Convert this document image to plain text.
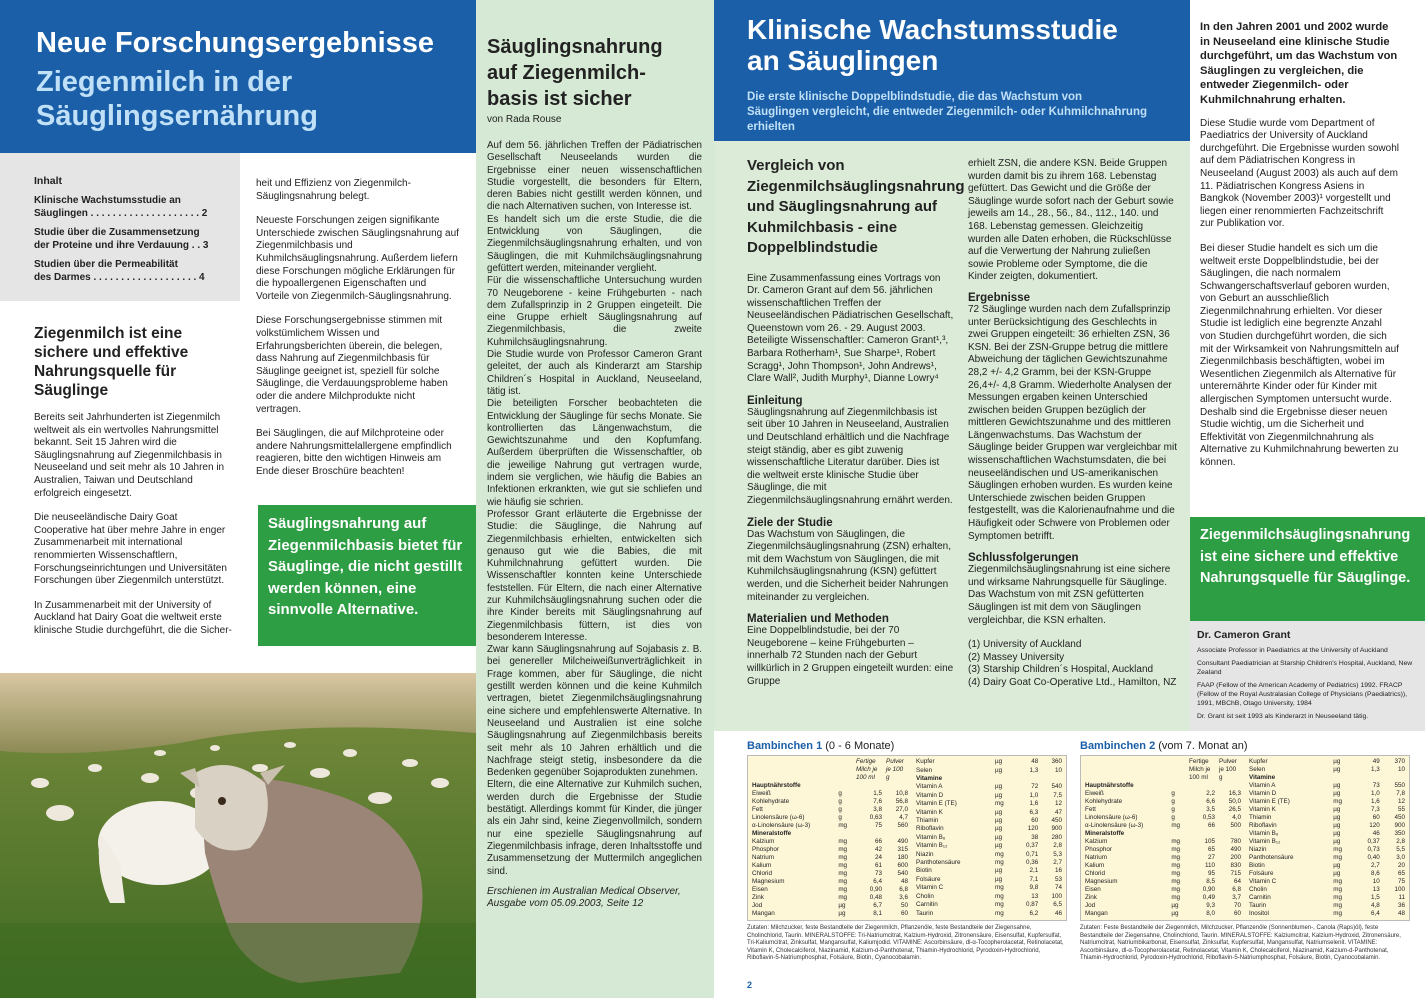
Neue Forschungsergebnisse
Ziegenmilch in der
Säuglingsernährung
Inhalt
Klinische Wachstumsstudie an
Säuglingen . . . . . . . . . . . . . . . . . . . . 2
Studie über die Zusammensetzung
der Proteine und ihre Verdauung . . 3
Studien über die Permeabilität
des Darmes . . . . . . . . . . . . . . . . . . . 4
Ziegenmilch ist eine sichere und effektive Nahrungsquelle für Säuglinge

Bereits seit Jahrhunderten ist Ziegenmilch weltweit als ein wertvolles Nahrungsmittel bekannt. Seit 15 Jahren wird die Säuglingsnahrung auf Ziegenmilchbasis in Neuseeland und seit mehr als 10 Jahren in Australien, Taiwan und Deutschland erfolgreich eingesetzt.

Die neuseeländische Dairy Goat Cooperative hat über mehre Jahre in enger Zusammenarbeit mit international renommierten Wissenschaftlern, Forschungseinrichtungen und Universitäten Forschungen über Ziegenmilch unterstützt.

In Zusammenarbeit mit der University of Auckland hat Dairy Goat die weltweit erste klinische Studie durchgeführt, die die Sicher-

heit und Effizienz von Ziegenmilch-Säuglingsnahrung belegt.

Neueste Forschungen zeigen signifikante Unterschiede zwischen Säuglingsnahrung auf Ziegenmilchbasis und Kuhmilchsäuglingsnahrung. Außerdem liefern diese Forschungen mögliche Erklärungen für die hypoallergenen Eigenschaften und Vorteile von Ziegenmilch-Säuglingsnahrung.

Diese Forschungsergebnisse stimmen mit volkstümlichem Wissen und Erfahrungsberichten überein, die belegen, dass Nahrung auf Ziegenmilchbasis für Säuglinge geeignet ist, speziell für solche Säuglinge, die Verdauungsprobleme haben oder die andere Milchprodukte nicht vertragen.

Bei Säuglingen, die auf Milchproteine oder andere Nahrungsmittelallergene empfindlich reagieren, bitte den wichtigen Hinweis am Ende dieser Broschüre beachten!

Säuglingsnahrung auf Ziegenmilchbasis bietet für Säuglinge, die nicht gestillt werden können, eine sinnvolle Alternative.
Säuglingsnahrung auf Ziegenmilch-basis ist sicher
von Rada Rouse

Auf dem 56. jährlichen Treffen der Pädiatrischen Gesellschaft Neuseelands wurden die Ergebnisse einer neuen wissenschaftlichen Studie vorgestellt, die besonders für Eltern, deren Babies nicht gestillt werden können, und die nach Alternativen suchen, von Interesse ist.

Es handelt sich um die erste Studie, die die Entwicklung von Säuglingen, die Ziegenmilchsäuglingsnahrung erhalten, und von Säuglingen, die mit Kuhmilchsäuglingsnahrung gefüttert werden, miteinander verglieht.

Für die wissenschaftliche Untersuchung wurden 70 Neugeborene - keine Frühgeburten - nach dem Zufallsprinzip in 2 Gruppen eingeteilt. Die eine Gruppe erhielt Säuglingsnahrung auf Ziegenmilchbasis, die zweite Kuhmilchsäuglingsnahrung.

Die Studie wurde von Professor Cameron Grant geleitet, der auch als Kinderarzt am Starship Children´s Hospital in Auckland, Neuseeland, tätig ist.

Die beteiligten Forscher beobachteten die Entwicklung der Säuglinge für sechs Monate. Sie kontrollierten das Längenwachstum, die Gewichtszunahme und den Kopfumfang. Außerdem überprüften die Wissenschaftler, ob die jeweilige Nahrung gut vertragen wurde, indem sie verglichen, wie häufig die Babies an Infektionen erkrankten, wie gut sie schliefen und wie häufig sie schrien.

Professor Grant erläuterte die Ergebnisse der Studie: die Säuglinge, die Nahrung auf Ziegenmilchbasis erhielten, entwickelten sich genauso gut wie die Babies, die mit Kuhmilchnahrung gefüttert wurden. Die Wissenschaftler konnten keine Unterschiede feststellen. Für Eltern, die nach einer Alternative zur Kuhmilchsäuglingsnahrung suchen oder die ihre Kinder bereits mit Säuglingsnahrung auf Ziegenmilchbasis füttern, ist dies von besonderem Interesse.

Zwar kann Säuglingsnahrung auf Sojabasis z. B. bei genereller Milcheiweißunverträglichkeit in Frage kommen, aber für Säuglinge, die nicht gestillt werden können und die keine Kuhmilch vertragen, bietet Ziegenmilchsäuglingsnahrung eine sichere und empfehlenswerte Alternative. In Neuseeland und Australien ist eine solche Säuglingsnahrung auf Ziegenmilchbasis bereits seit mehr als 10 Jahren erhältlich und die Nachfrage steigt stetig, insbesondere da die Bedenken gegenüber Sojaprodukten zunehmen.

Eltern, die eine Alternative zur Kuhmilch suchen, werden durch die Ergebnisse der Studie bestätigt. Allerdings kommt für Kinder, die jünger als ein Jahr sind, keine Ziegenvollmilch, sondern nur eine spezielle Säuglingsnahrung auf Ziegenmilchbasis infrage, deren Inhaltsstoffe und Zusammensetzung der Muttermilch angeglichen sind.

Erschienen im Australian Medical Observer,
Ausgabe vom 05.09.2003, Seite 12
Klinische Wachstumsstudie
an Säuglingen
Die erste klinische Doppelblindstudie, die das Wachstum von Säuglingen vergleicht, die entweder Ziegenmilch- oder Kuhmilchnahrung erhielten
Vergleich von Ziegenmilchsäuglingsnahrung und Säuglingsnahrung auf Kuhmilchbasis - eine Doppelblindstudie

Eine Zusammenfassung eines Vortrags von Dr. Cameron Grant auf dem 56. jährlichen wissenschaftlichen Treffen der Neuseeländischen Pädiatrischen Gesellschaft, Queenstown vom 26. - 29. August 2003.

Beteiligte Wissenschaftler: Cameron Grant¹,³, Barbara Rotherham¹, Sue Sharpe¹, Robert Scragg¹, John Thompson¹, John Andrews¹, Clare Wall², Judith Murphy¹, Dianne Lowry⁴

Einleitung

Säuglingsnahrung auf Ziegenmilchbasis ist seit über 10 Jahren in Neuseeland, Australien und Deutschland erhältlich und die Nachfrage steigt ständig, aber es gibt zuwenig wissenschaftliche Literatur darüber. Dies ist die weltweit erste klinische Studie über Säuglinge, die mit Ziegenmilchsäuglingsnahrung ernährt werden.

Ziele der Studie

Das Wachstum von Säuglingen, die Ziegenmilchsäuglingsnahrung (ZSN) erhalten, mit dem Wachstum von Säuglingen, die mit Kuhmilchsäuglingsnahrung (KSN) gefüttert werden, und die Sicherheit beider Nahrungen miteinander zu vergleichen.

Materialien und Methoden

Eine Doppelblindstudie, bei der 70 Neugeborene – keine Frühgeburten – innerhalb 72 Stunden nach der Geburt willkürlich in 2 Gruppen eingeteilt wurden: eine Gruppe

erhielt ZSN, die andere KSN. Beide Gruppen wurden damit bis zu ihrem 168. Lebenstag gefüttert. Das Gewicht und die Größe der Säuglinge wurde sofort nach der Geburt sowie jeweils am 14., 28., 56., 84., 112., 140. und 168. Lebenstag gemessen. Gleichzeitig wurden alle Daten erhoben, die Rückschlüsse auf die Verwertung der Nahrung zuließen sowie Probleme oder Symptome, die die Kinder zeigten, dokumentiert.

Ergebnisse

72 Säuglinge wurden nach dem Zufallsprinzip unter Berücksichtigung des Geschlechts in zwei Gruppen eingeteilt: 36 erhielten ZSN, 36 KSN. Bei der ZSN-Gruppe betrug die mittlere Abweichung der täglichen Gewichtszunahme 28,2 +/- 4,2 Gramm, bei der KSN-Gruppe 26,4+/- 4,8 Gramm. Wiederholte Analysen der Messungen ergaben keinen Unterschied zwischen beiden Gruppen bezüglich der mittleren Gewichtszunahme und des mittleren Längenwachstums. Das Wachstum der Säuglinge beider Gruppen war vergleichbar mit wissenschaftlichen Wachstumsdaten, die bei neuseeländischen und US-amerikanischen Säuglingen erhoben wurden. Es wurden keine Unterschiede zwischen beiden Gruppen festgestellt, was die Kalorienaufnahme und die Häufigkeit oder Schwere von Problemen oder Symptomen betrifft.

Schlussfolgerungen

Ziegenmilchsäuglingsnahrung ist eine sichere und wirksame Nahrungsquelle für Säuglinge. Das Wachstum von mit ZSN gefütterten Säuglingen ist mit dem von Säuglingen vergleichbar, die KSN erhalten.

(1) University of Auckland

(2) Massey University

(3) Starship Children´s Hospital, Auckland

(4) Dairy Goat Co-Operative Ltd., Hamilton, NZ

In den Jahren 2001 und 2002 wurde in Neuseeland eine klinische Studie durchgeführt, um das Wachstum von Säuglingen zu vergleichen, die entweder Ziegenmilch- oder Kuhmilchnahrung erhalten.

Diese Studie wurde vom Department of Paediatrics der University of Auckland durchgeführt. Die Ergebnisse wurden sowohl auf dem Pädiatrischen Kongress in Neuseeland (August 2003) als auch auf dem 11. Pädiatrischen Kongress Asiens in Bangkok (November 2003)¹ vorgestellt und liegen einer renommierten Fachzeitschrift zur Publikation vor.

Bei dieser Studie handelt es sich um die weltweit erste Doppelblindstudie, bei der Säuglingen, die nach normalem Schwangerschaftsverlauf geboren wurden, von Geburt an ausschließlich Ziegenmilchnahrung erhielten. Vor dieser Studie ist lediglich eine begrenzte Anzahl von Studien durchgeführt worden, die sich mit der Wirksamkeit von Nahrungsmitteln auf Ziegenmilchbasis beschäftigten, wobei im Wesentlichen Ziegenmilch als Alternative für unterernährte Kinder oder für Kinder mit allergischen Symptomen untersucht wurde.

Deshalb sind die Ergebnisse dieser neuen Studie wichtig, um die Sicherheit und Effektivität von Ziegenmilchnahrung als Alternative zu Kuhmilchnahrung bewerten zu können.

Ziegenmilchsäuglingsnahrung ist eine sichere und effektive Nahrungsquelle für Säuglinge.
Dr. Cameron Grant
Associate Professor in Paediatrics at the University of Auckland
Consultant Paediatrician at Starship Children's Hospital, Auckland, New Zealand
FAAP (Fellow of the American Academy of Pediatrics) 1992. FRACP (Fellow of the Royal Australasian College of Physicians (Paediatrics)), 1991, MBChB, Otago University, 1984
Dr. Grant ist seit 1993 als Kinderarzt in Neuseeland tätig.
Bambinchen 1 (0 - 6 Monate)
		Fertige Milch je 100 ml	Pulver je 100 g
Hauptnährstoffe			
Eiweiß	g	1,5	10,8
Kohlehydrate	g	7,6	56,8
Fett	g	3,8	27,0
Linolensäure (ω-6)	g	0,63	4,7
α-Linolensäure (ω-3)	mg	75	560
Mineralstoffe			
Kalzium	mg	66	490
Phosphor	mg	42	315
Natrium	mg	24	180
Kalium	mg	61	600
Chlorid	mg	73	540
Magnesium	mg	6,4	48
Eisen	mg	0,90	6,8
Zink	mg	0,48	3,6
Jod	µg	6,7	50
Mangan	µg	8,1	60
Kupfer	µg	48	360
Selen	µg	1,3	10
Vitamine			
Vitamin A	µg	72	540
Vitamin D	µg	1,0	7,5
Vitamin E (TE)	mg	1,6	12
Vitamin K	µg	6,3	47
Thiamin	µg	60	450
Riboflavin	µg	120	900
Vitamin B₆	µg	38	280
Vitamin B₁₂	µg	0,37	2,8
Niazin	mg	0,71	5,3
Panthotensäure	mg	0,36	2,7
Biotin	µg	2,1	16
Folsäure	µg	7,1	53
Vitamin C	mg	9,8	74
Cholin	mg	13	100
Carnitin	mg	0,87	6,5
Taurin	mg	6,2	46
Zutaten: Milchzucker, feste Bestandteile der Ziegenmilch, Pflanzenöle, feste Bestandteile der Ziegensahne, Cholinchlorid, Taurin. MINERALSTOFFE: Tri-Natriumcitrat, Kalzium-Hydroxid, Zitronensäure, Eisensulfat, Kupfersulfat, Tri-Kaliumcitrat, Zinksulfat, Mangansulfat, Kaliumjodid. VITAMINE: Ascorbinsäure, dl-α-Tocopherolacetat, Retinolacetat, Vitamin K, Cholecalciferol, Niazinamid, Kalzium-d-Panthotenat, Thiamin-Hydrochlorid, Pyrodoxin-Hydrochlorid, Riboflavin-5-Natriumphosphat, Folsäure, Biotin, Cyanocobalamin.
2
Bambinchen 2 (vom 7. Monat an)
		Fertige Milch je 100 ml	Pulver je 100 g
Hauptnährstoffe			
Eiweiß	g	2,2	16,3
Kohlehydrate	g	6,6	50,0
Fett	g	3,5	26,5
Linolensäure (ω-6)	g	0,53	4,0
α-Linolensäure (ω-3)	mg	66	500
Mineralstoffe			
Kalzium	mg	105	780
Phosphor	mg	65	490
Natrium	mg	27	200
Kalium	mg	110	830
Chlorid	mg	95	715
Magnesium	mg	8,5	64
Eisen	mg	0,90	6,8
Zink	mg	0,49	3,7
Jod	µg	9,3	70
Mangan	µg	8,0	60
Kupfer	µg	49	370
Selen	µg	1,3	10
Vitamine			
Vitamin A	µg	73	550
Vitamin D	µg	1,0	7,8
Vitamin E (TE)	mg	1,6	12
Vitamin K	µg	7,3	55
Thiamin	µg	60	450
Riboflavin	µg	120	900
Vitamin B₆	µg	46	350
Vitamin B₁₂	µg	0,37	2,8
Niazin	mg	0,73	5,5
Panthotensäure	mg	0,40	3,0
Biotin	µg	2,7	20
Folsäure	µg	8,6	65
Vitamin C	mg	10	75
Cholin	mg	13	100
Carnitin	mg	1,5	11
Taurin	mg	4,8	36
Inositol	mg	6,4	48
Zutaten: Feste Bestandteile der Ziegenmilch, Milchzucker, Pflanzenöle (Sonnenblumen-, Canola (Raps)öl), feste Bestandteile der Ziegensahne, Cholinchlorid, Taurin. MINERALSTOFFE: Kalziumcitrat, Kalzium-Hydroxid, Zitronensäure, Natriumcitrat, Natriumbikarbonat, Eisensulfat, Zinksulfat, Kupfersulfat, Mangansulfat, Natriumselenit. VITAMINE: Ascorbinsäure, dl-α-Tocopherolacetat, Retinolacetat, Vitamin K, Cholecalciferol, Niazinamid, Kalzium-d-Panthotenat, Thiamin-Hydrochlorid, Pyrodoxin-Hydrochlorid, Riboflavin-5-Natriumphosphat, Folsäure, Biotin, Cyanocobalamin.
